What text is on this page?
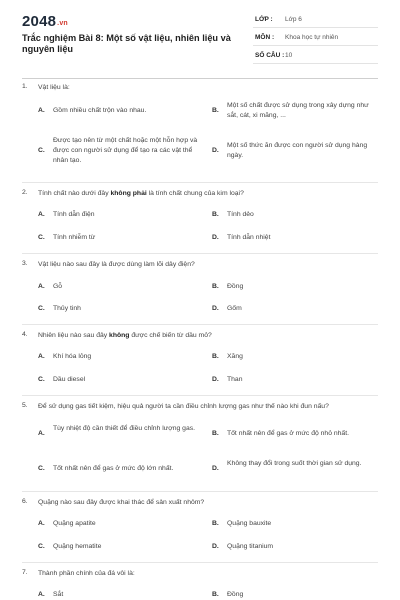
2048.vn
Trắc nghiệm Bài 8: Một số vật liệu, nhiên liệu và nguyên liệu
LỚP : Lớp 6
MÔN : Khoa học tự nhiên
SỐ CÂU : 10
1. Vật liệu là:
A. Gồm nhiều chất trộn vào nhau.	B.
Một số chất được sử dụng trong xây dựng như sắt, cát, xi măng, ...
C.
Được tạo nên từ một chất hoặc một hỗn hợp và được con người sử dụng để tạo ra các vật thể nhân tạo.
D.
Một số thức ăn được con người sử dụng hàng ngày.
2. Tính chất nào dưới đây không phải là tính chất chung của kim loại?
A. Tính dẫn điện	B. Tính dẻo
C. Tính nhiễm từ	D. Tính dẫn nhiệt
3. Vật liệu nào sau đây là được dùng làm lõi dây điện?
A. Gỗ	B. Đồng
C. Thủy tinh	D. Gốm
4. Nhiên liệu nào sau đây không được chế biến từ dầu mỏ?
A. Khí hóa lỏng	B. Xăng
C. Dầu diesel	D. Than
5. Để sử dụng gas tiết kiệm, hiệu quả người ta cần điều chỉnh lượng gas như thế nào khi đun nấu?
A.
Tùy nhiệt độ cần thiết để điều chỉnh lượng gas.
B. Tốt nhất nên để gas ở mức độ nhỏ nhất.
C. Tốt nhất nên để gas ở mức độ lớn nhất.	D.
Không thay đổi trong suốt thời gian sử dụng.
6. Quặng nào sau đây được khai thác để sản xuất nhôm?
A. Quặng apatite	B. Quặng bauxite
C. Quặng hematite	D. Quặng titanium
7. Thành phần chính của đá vôi là:
A. Sắt	B. Đồng
